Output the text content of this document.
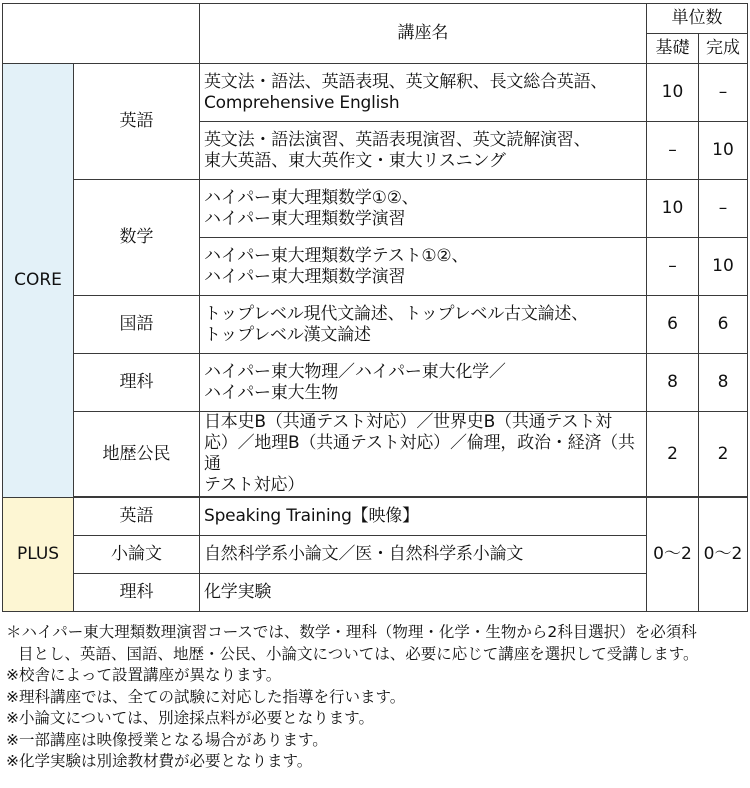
		講座名	単位数	
			基礎	完成
CORE	英語	英文法・語法、英語表現、英文解釈、長文総合英語、
Comprehensive English	10	–

		英文法・語法演習、英語表現演習、英文読解演習、
東大英語、東大英作文・東大リスニング	–	10
	数学	ハイパー東大理類数学①②、
ハイパー東大理類数学演習	10	–

		ハイパー東大理類数学テスト①②、
ハイパー東大理類数学演習	–	10
	国語	トップレベル現代文論述、トップレベル古文論述、
トップレベル漢文論述	6	6
	理科	ハイパー東大物理／ハイパー東大化学／
ハイパー東大生物	8	8
	地歴公民	日本史B（共通テスト対応）／世界史B（共通テスト対
応）／地理B（共通テスト対応）／倫理，政治・経済（共通
テスト対応）	2	2

PLUS	英語	Speaking Training【映像】	0〜2	0〜2
	小論文	自然科学系小論文／医・自然科学系小論文		
	理科	化学実験		
＊ハイパー東大理類数理演習コースでは、数学・理科（物理・化学・生物から2科目選択）を必須科
目とし、英語、国語、地歴・公民、小論文については、必要に応じて講座を選択して受講します。
※校舎によって設置講座が異なります。
※理科講座では、全ての試験に対応した指導を行います。
※小論文については、別途採点料が必要となります。
※一部講座は映像授業となる場合があります。
※化学実験は別途教材費が必要となります。
